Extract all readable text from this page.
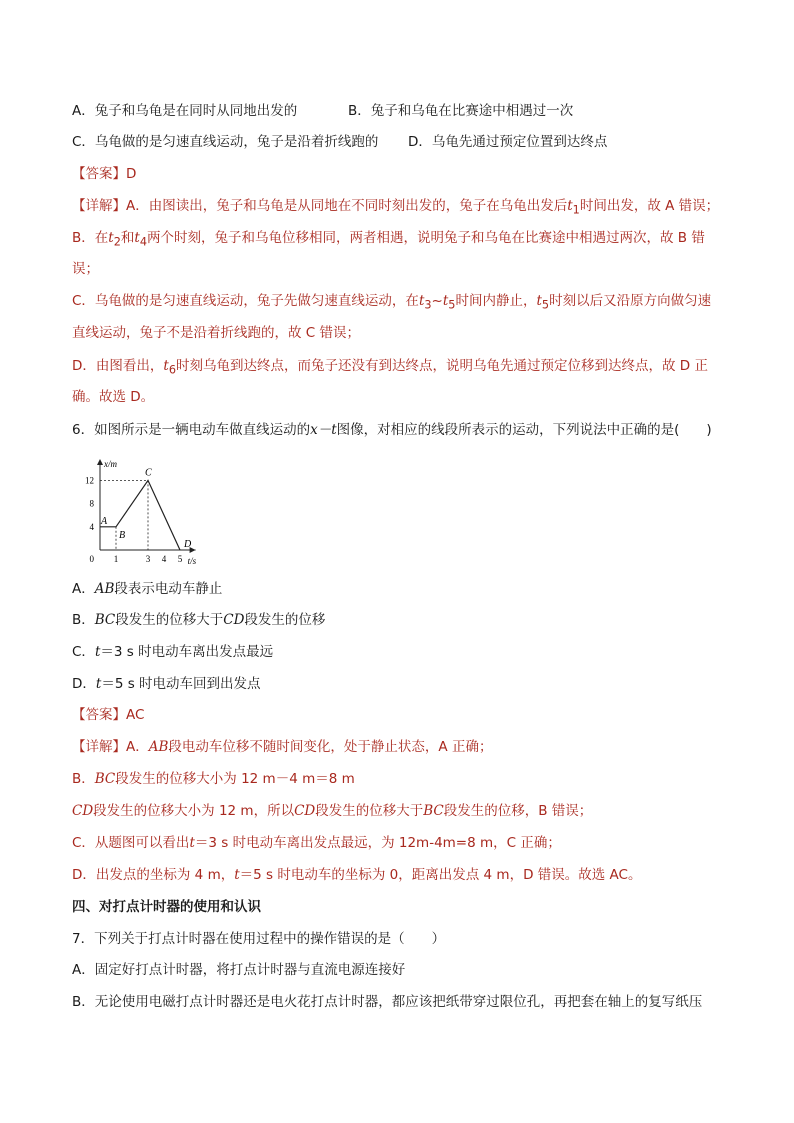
A．兔子和乌龟是在同时从同地出发的	B．兔子和乌龟在比赛途中相遇过一次
C．乌龟做的是匀速直线运动，兔子是沿着折线跑的 D．乌龟先通过预定位置到达终点
【答案】D
【详解】A．由图读出，兔子和乌龟是从同地在不同时刻出发的，兔子在乌龟出发后$t_1$时间出发，故 A 错误；
B．在$t_2$和$t_4$两个时刻，兔子和乌龟位移相同，两者相遇，说明兔子和乌龟在比赛途中相遇过两次，故 B 错
误；
C．乌龟做的是匀速直线运动，兔子先做匀速直线运动，在$t_3\sim t_5$时间内静止，$t_5$时刻以后又沿原方向做匀速
直线运动，兔子不是沿着折线跑的，故 C 错误；
D．由图看出，$t_6$时刻乌龟到达终点，而兔子还没有到达终点，说明乌龟先通过预定位移到达终点，故 D 正
确。故选 D。
6．如图所示是一辆电动车做直线运动的x－t图像，对相应的线段所表示的运动，下列说法中正确的是(　　)
x/m
t/s
4
8
12
0 1	3 4 5
A
B
C
D
A．AB段表示电动车静止
B．BC段发生的位移大于CD段发生的位移
C．t＝3 s 时电动车离出发点最远
D．t＝5 s 时电动车回到出发点
【答案】AC
【详解】A．AB段电动车位移不随时间变化，处于静止状态，A 正确；
B．BC段发生的位移大小为 12 m－4 m＝8 m
CD段发生的位移大小为 12 m，所以CD段发生的位移大于BC段发生的位移，B 错误；
C．从题图可以看出t＝3 s 时电动车离出发点最远，为 12m-4m=8 m，C 正确；
D．出发点的坐标为 4 m，t＝5 s 时电动车的坐标为 0，距离出发点 4 m，D 错误。故选 AC。
四、对打点计时器的使用和认识
7．下列关于打点计时器在使用过程中的操作错误的是（　　）
A．固定好打点计时器，将打点计时器与直流电源连接好
B．无论使用电磁打点计时器还是电火花打点计时器，都应该把纸带穿过限位孔，再把套在轴上的复写纸压
